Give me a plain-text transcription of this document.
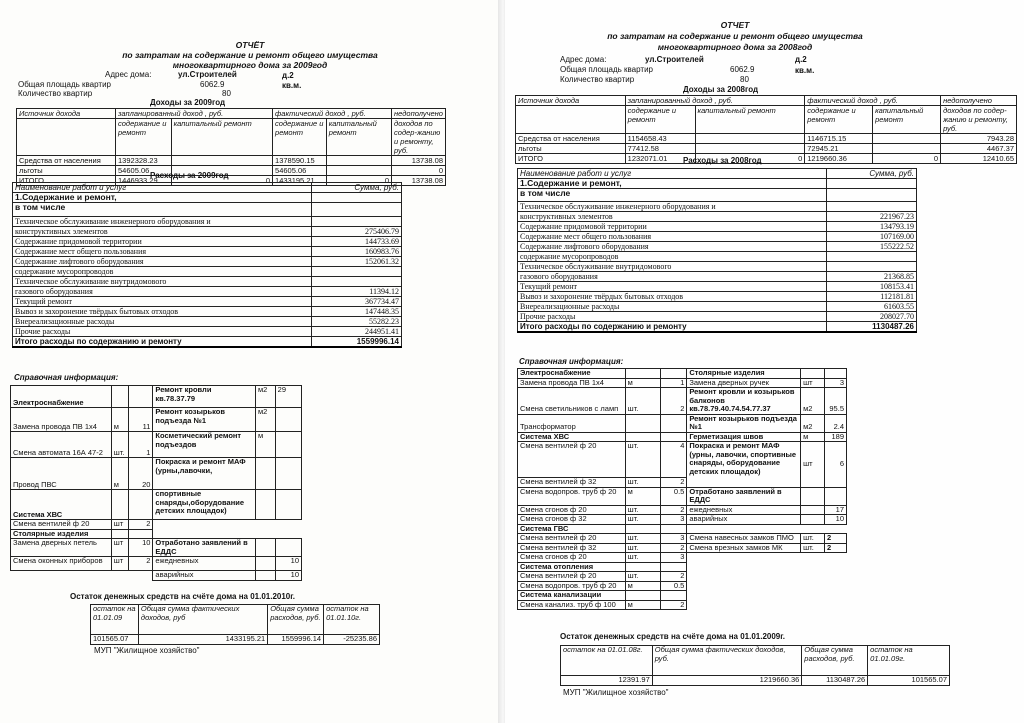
ОТЧЁТ
по затратам на содержание и ремонт общего имущества
многоквартирного дома за 2009год
Адрес дома:	ул.Строителей	д.2
Общая площадь квартир	6062.9	кв.м.
Количество квартир	80
Доходы за 2009год
Источник дохода	запланированный доход , руб.		фактический доход , руб.		недополучено
	содержание и ремонт	капитальный ремонт	содержание и ремонт	капитальный ремонт	доходов по содер-жанию и ремонту, руб.
Средства от населения	1392328.23		1378590.15		13738.08
льготы	54605.06		54605.06		0
ИТОГО	1446933.29	0	1433195.21	0	13738.08
Расходы за 2009год
Наименование работ и услуг	Сумма, руб.
1.Содержание и ремонт,	
в том числе	
Техническое обслуживание инженерного оборудования и	
конструктивных элементов	275406.79
Содержание придомовой территории	144733.69
Содержание мест общего пользования	160983.76
Содержание лифтового оборудования	152061.32
содержание мусоропроводов	
Техническое обслуживание внутридомового	
газового оборудования	11394.12
Текущий ремонт	367734.47
Вывоз и захоронение твёрдых бытовых отходов	147448.35
Внереализационные расходы	55282.23
Прочие расходы	244951.41
Итого расходы по содержанию и ремонту	1559996.14
Справочная информация:
Электроснабжение			Ремонт кровли кв.78.37.79	м2	29
Замена провода ПВ 1х4	м	11	Ремонт козырьков подъезда №1	м2	
Смена автомата 16А 47-2	шт.	1	Косметический ремонт подъездов	м	
Провод ПВС	м	20	Покраска и ремонт МАФ (урны,лавочки,		
Система ХВС			спортивные снаряды,оборудование детских площадок)		
Смена вентилей ф 20	шт	2			
Столярные изделия					
Замена дверных петель	шт	10	Отработано заявлений в ЕДДС		
Смена оконных приборов	шт	2	ежедневных		10
			аварийных		10
Остаток денежных средств на счёте дома на 01.01.2010г.
остаток на 01.01.09	Общая сумма фактических доходов, руб	Общая сумма расходов, руб.	остаток на 01.01.10г.
101565.07	1433195.21	1559996.14	-25235.86
МУП "Жилищное хозяйство"
ОТЧЕТ
по затратам на содержание и ремонт общего имущества
многоквартирного дома за 2008год
Адрес дома:	ул.Строителей	д.2
Общая площадь квартир	6062.9	кв.м.
Количество квартир	80
Доходы за 2008год
Источник дохода	запланированный доход , руб.		фактический доход , руб.		недополучено
	содержание и ремонт	капитальный ремонт	содержание и ремонт	капитальный ремонт	доходов по содер-жанию и ремонту, руб.
Средства от населения	1154658.43		1146715.15		7943.28
льготы	77412.58		72945.21		4467.37
ИТОГО	1232071.01	0	1219660.36	0	12410.65
Расходы за 2008год
Наименование работ и услуг	Сумма, руб.
1.Содержание и ремонт,	
в том числе	
Техническое обслуживание инженерного оборудования и	
конструктивных элементов	221967.23
Содержание придомовой территории	134793.19
Содержание мест общего пользования	107169.00
Содержание лифтового оборудования	155222.52
содержание мусоропроводов	
Техническое обслуживание внутридомового	
газового оборудования	21368.85
Текущий ремонт	108153.41
Вывоз и захоронение твёрдых бытовых отходов	112181.81
Внереализационные расходы	61603.55
Прочие расходы	208027.70
Итого расходы по содержанию и ремонту	1130487.26
Справочная информация:
Электроснабжение			Столярные изделия		
Замена провода ПВ 1х4	м	1	Замена дверных ручек	шт	3
Смена светильников с ламп	шт.	2	Ремонт кровли и козырьков балконов кв.78.79.40.74.54.77.37	м2	95.5
Трансформатор			Ремонт козырьков подъезда №1	м2	2.4
Система ХВС			Герметизация швов	м	189
Смена вентилей ф 20	шт.	4	Покраска и ремонт МАФ (урны, лавочки, спортивные снаряды, оборудование детских площадок)	шт	6
Смена вентилей ф 32	шт.	2			
Смена водопров. труб ф 20	м	0.5	Отработано заявлений в ЕДДС		
Смена сгонов ф 20	шт.	2	ежедневных		17
Смена сгонов ф 32	шт.	3	аварийных		10
Система ГВС					
Смена вентилей ф 20	шт.	3	Смена навесных замков ПМО	шт.	2
Смена вентилей ф 32	шт.	2	Смена врезных замков МК	шт.	2
Смена сгонов ф 20	шт.	3			
Система отопления					
Смена вентилей ф 20	шт.	2			
Смена водопров. труб ф 20	м	0.5			
Система канализации					
Смена канализ. труб ф 100	м	2			
Остаток денежных средств на счёте дома на 01.01.2009г.
остаток на 01.01.08г.	Общая сумма фактических доходов, руб.	Общая сумма расходов, руб.	остаток на 01.01.09г.
12391.97	1219660.36	1130487.26	101565.07
МУП "Жилищное хозяйство"
